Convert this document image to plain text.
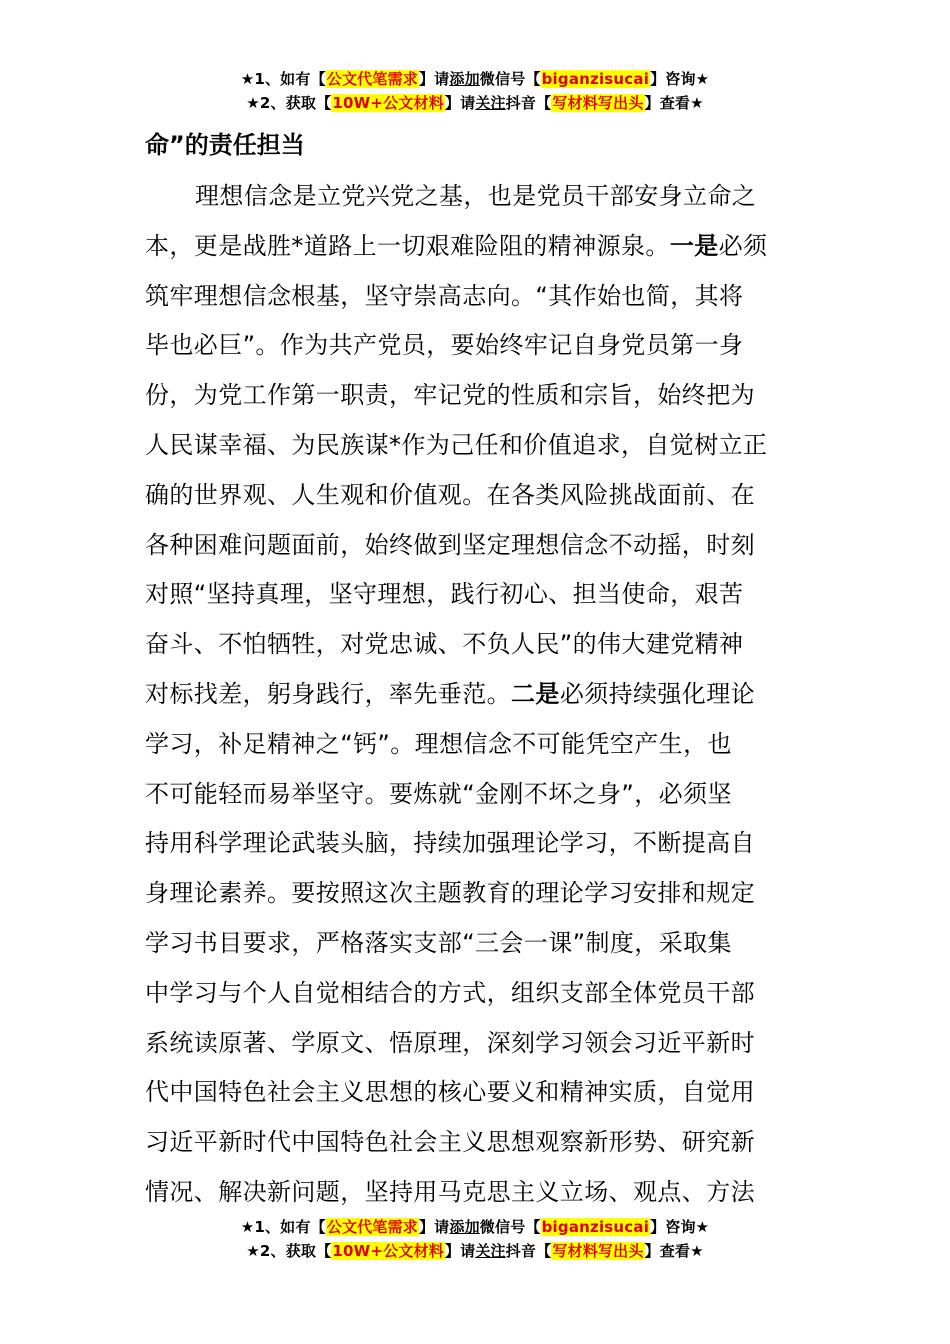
★1、如有【公文代笔需求】请添加微信号【biganzisucai】咨询★
★2、获取【10W+公文材料】请关注抖音【写材料写出头】查看★
命”的责任担当
理想信念是立党兴党之基，也是党员干部安身立命之
本，更是战胜*道路上一切艰难险阻的精神源泉。一是必须
筑牢理想信念根基，坚守崇高志向。“其作始也简，其将
毕也必巨”。作为共产党员，要始终牢记自身党员第一身
份，为党工作第一职责，牢记党的性质和宗旨，始终把为
人民谋幸福、为民族谋*作为己任和价值追求，自觉树立正
确的世界观、人生观和价值观。在各类风险挑战面前、在
各种困难问题面前，始终做到坚定理想信念不动摇，时刻
对照“坚持真理，坚守理想，践行初心、担当使命，艰苦
奋斗、不怕牺牲，对党忠诚、不负人民”的伟大建党精神
对标找差，躬身践行，率先垂范。二是必须持续强化理论
学习，补足精神之“钙”。理想信念不可能凭空产生，也
不可能轻而易举坚守。要炼就“金刚不坏之身”，必须坚
持用科学理论武装头脑，持续加强理论学习，不断提高自
身理论素养。要按照这次主题教育的理论学习安排和规定
学习书目要求，严格落实支部“三会一课”制度，采取集
中学习与个人自觉相结合的方式，组织支部全体党员干部
系统读原著、学原文、悟原理，深刻学习领会习近平新时
代中国特色社会主义思想的核心要义和精神实质，自觉用
习近平新时代中国特色社会主义思想观察新形势、研究新
情况、解决新问题，坚持用马克思主义立场、观点、方法
★1、如有【公文代笔需求】请添加微信号【biganzisucai】咨询★
★2、获取【10W+公文材料】请关注抖音【写材料写出头】查看★
